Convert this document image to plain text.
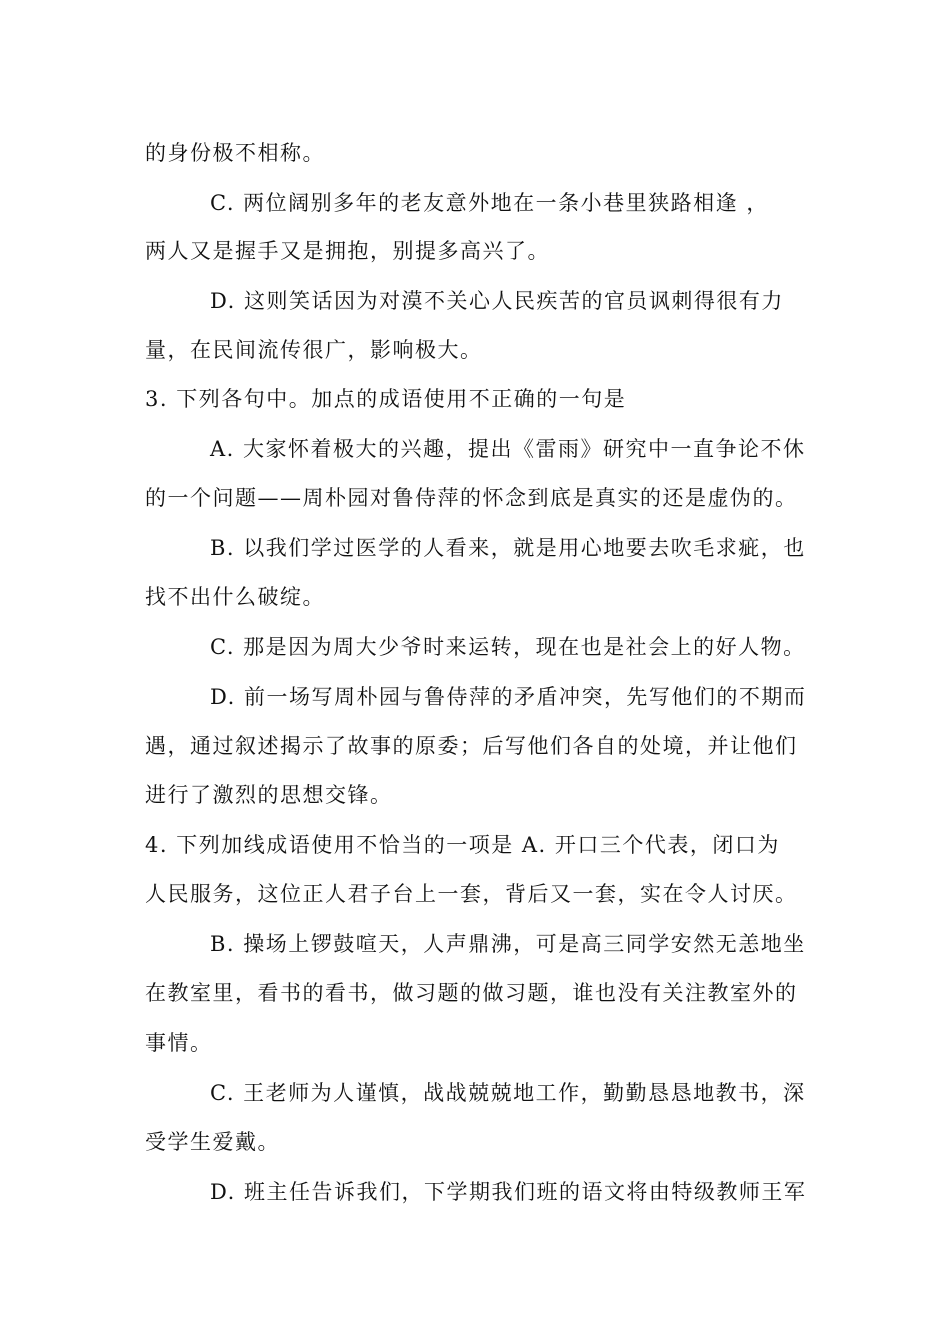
的身份极不相称。
C. 两位阔别多年的老友意外地在一条小巷里狭路相逢 ，
两人又是握手又是拥抱，别提多高兴了。
D. 这则笑话因为对漠不关心人民疾苦的官员讽刺得很有力
量，在民间流传很广，影响极大。
3. 下列各句中。加点的成语使用不正确的一句是
A. 大家怀着极大的兴趣，提出《雷雨》研究中一直争论不休
的一个问题——周朴园对鲁侍萍的怀念到底是真实的还是虚伪的。
B. 以我们学过医学的人看来，就是用心地要去吹毛求疵，也
找不出什么破绽。
C. 那是因为周大少爷时来运转，现在也是社会上的好人物。
D. 前一场写周朴园与鲁侍萍的矛盾冲突，先写他们的不期而
遇，通过叙述揭示了故事的原委；后写他们各自的处境，并让他们
进行了激烈的思想交锋。
4. 下列加线成语使用不恰当的一项是 A. 开口三个代表，闭口为
人民服务，这位正人君子台上一套，背后又一套，实在令人讨厌。
B. 操场上锣鼓喧天，人声鼎沸，可是高三同学安然无恙地坐
在教室里，看书的看书，做习题的做习题，谁也没有关注教室外的
事情。
C. 王老师为人谨慎，战战兢兢地工作，勤勤恳恳地教书，深
受学生爱戴。
D. 班主任告诉我们，下学期我们班的语文将由特级教师王军
